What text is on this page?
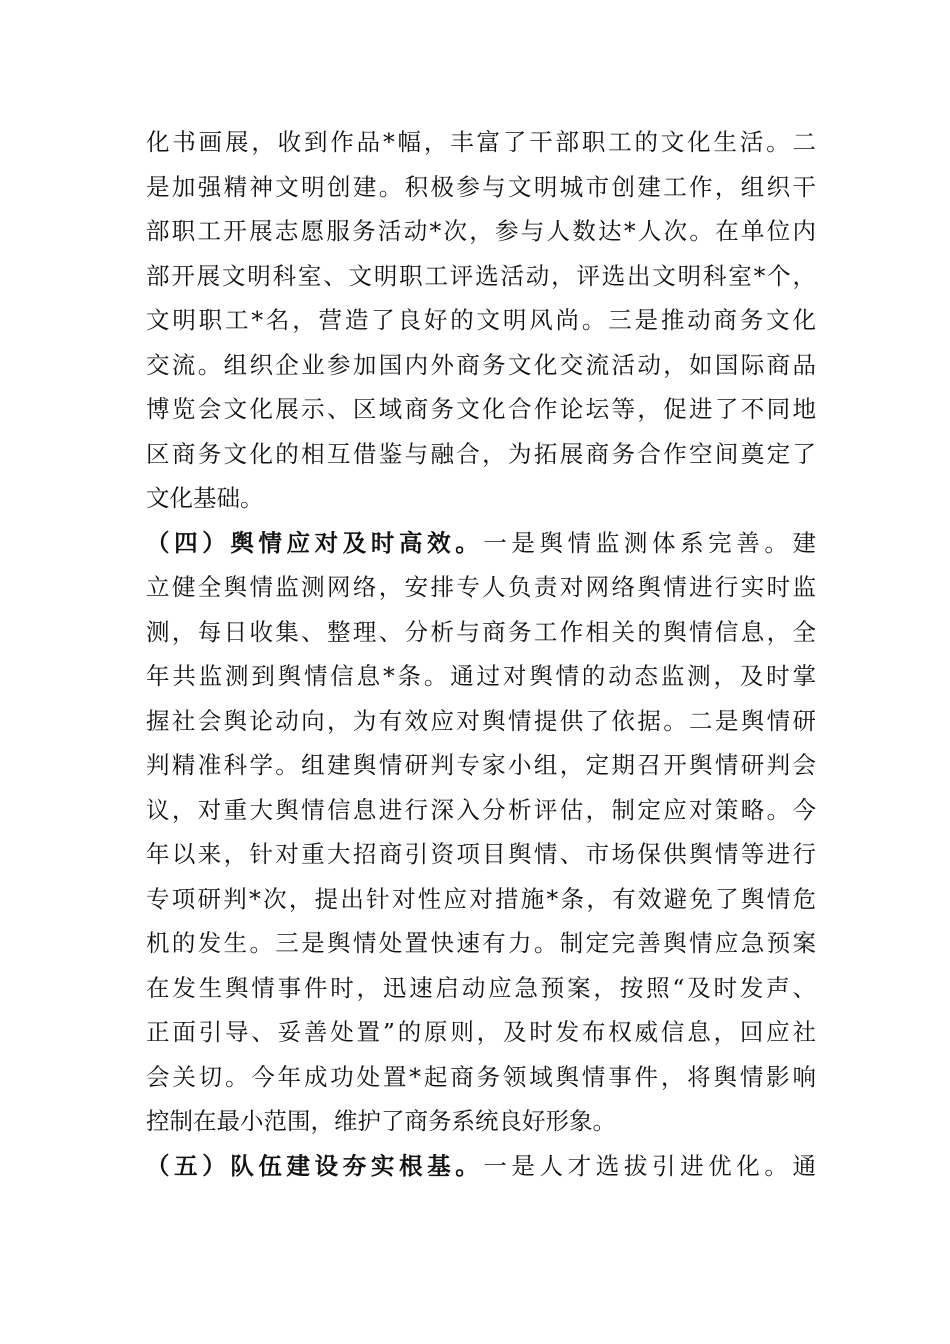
化书画展，收到作品*幅，丰富了干部职工的文化生活。二
是加强精神文明创建。积极参与文明城市创建工作，组织干
部职工开展志愿服务活动*次，参与人数达*人次。在单位内
部开展文明科室、文明职工评选活动，评选出文明科室*个，
文明职工*名，营造了良好的文明风尚。三是推动商务文化
交流。组织企业参加国内外商务文化交流活动，如国际商品
博览会文化展示、区域商务文化合作论坛等，促进了不同地
区商务文化的相互借鉴与融合，为拓展商务合作空间奠定了
文化基础。
（四）舆情应对及时高效。一是舆情监测体系完善。建
立健全舆情监测网络，安排专人负责对网络舆情进行实时监
测，每日收集、整理、分析与商务工作相关的舆情信息，全
年共监测到舆情信息*条。通过对舆情的动态监测，及时掌
握社会舆论动向，为有效应对舆情提供了依据。二是舆情研
判精准科学。组建舆情研判专家小组，定期召开舆情研判会
议，对重大舆情信息进行深入分析评估，制定应对策略。今
年以来，针对重大招商引资项目舆情、市场保供舆情等进行
专项研判*次，提出针对性应对措施*条，有效避免了舆情危
机的发生。三是舆情处置快速有力。制定完善舆情应急预案
在发生舆情事件时，迅速启动应急预案，按照“及时发声、
正面引导、妥善处置”的原则，及时发布权威信息，回应社
会关切。今年成功处置*起商务领域舆情事件，将舆情影响
控制在最小范围，维护了商务系统良好形象。
（五）队伍建设夯实根基。一是人才选拔引进优化。通
